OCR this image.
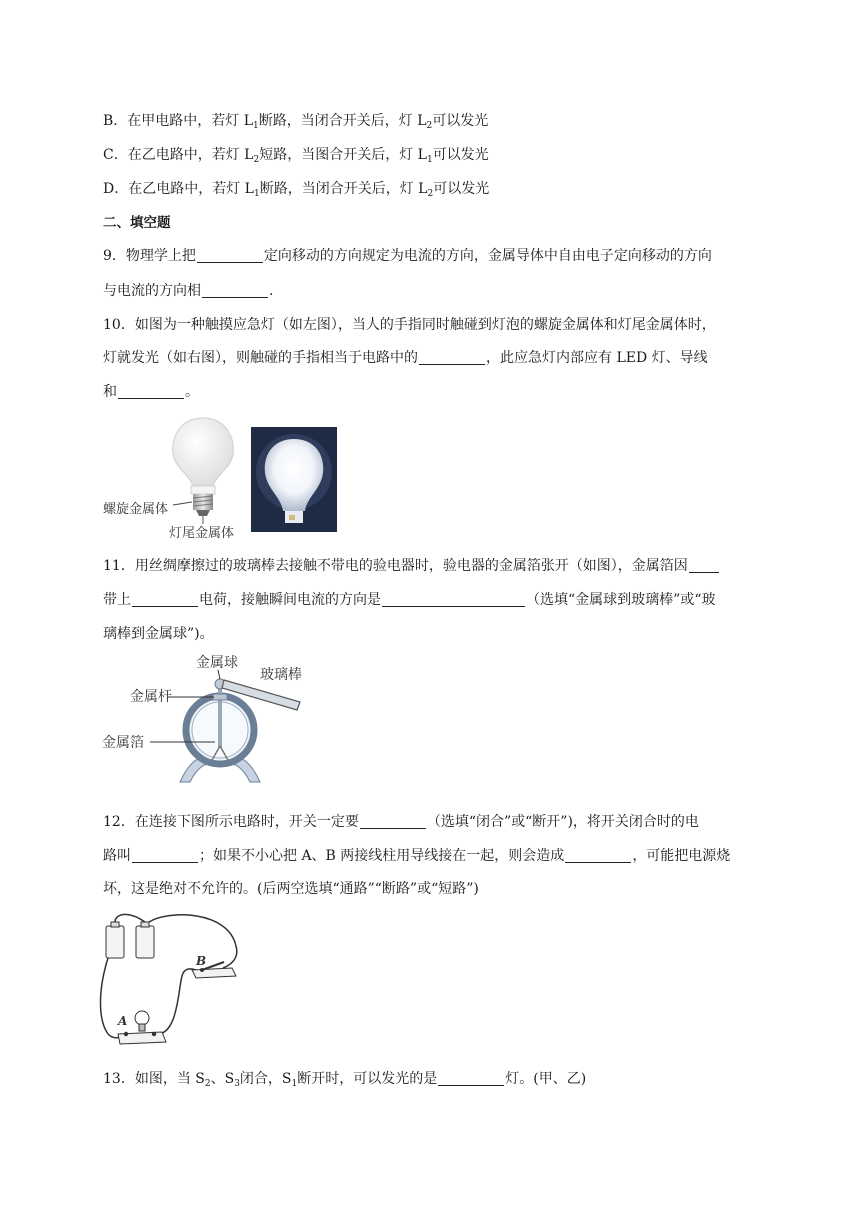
B．在甲电路中，若灯 $L_1$断路，当闭合开关后，灯 $L_2$可以发光
C．在乙电路中，若灯 $L_2$短路，当图合开关后，灯 $L_1$可以发光
D．在乙电路中，若灯 $L_1$断路，当闭合开关后，灯 $L_2$可以发光
二、填空题
9．物理学上把	定向移动的方向规定为电流的方向，金属导体中自由电子定向移动的方向
与电流的方向相	.
10．如图为一种触摸应急灯（如左图），当人的手指同时触碰到灯泡的螺旋金属体和灯尾金属体时，
灯就发光（如右图），则触碰的手指相当于电路中的	，此应急灯内部应有 LED 灯、导线
和	。
螺旋金属体
灯尾金属体
11．用丝绸摩擦过的玻璃棒去接触不带电的验电器时，验电器的金属箔张开（如图），金属箔因
带上	电荷，接触瞬间电流的方向是	（选填“金属球到玻璃棒”或“玻
璃棒到金属球”)。
金属球
玻璃棒
金属杆
金属箔
12．在连接下图所示电路时，开关一定要	（选填“闭合”或“断开”)，将开关闭合时的电
路叫	；如果不小心把 A、B 两接线柱用导线接在一起，则会造成	，可能把电源烧
坏，这是绝对不允许的。(后两空选填“通路”“断路”或“短路”)
A
B
13．如图，当 $S_2$、$S_3$闭合，$S_1$断开时，可以发光的是	灯。(甲、乙)
